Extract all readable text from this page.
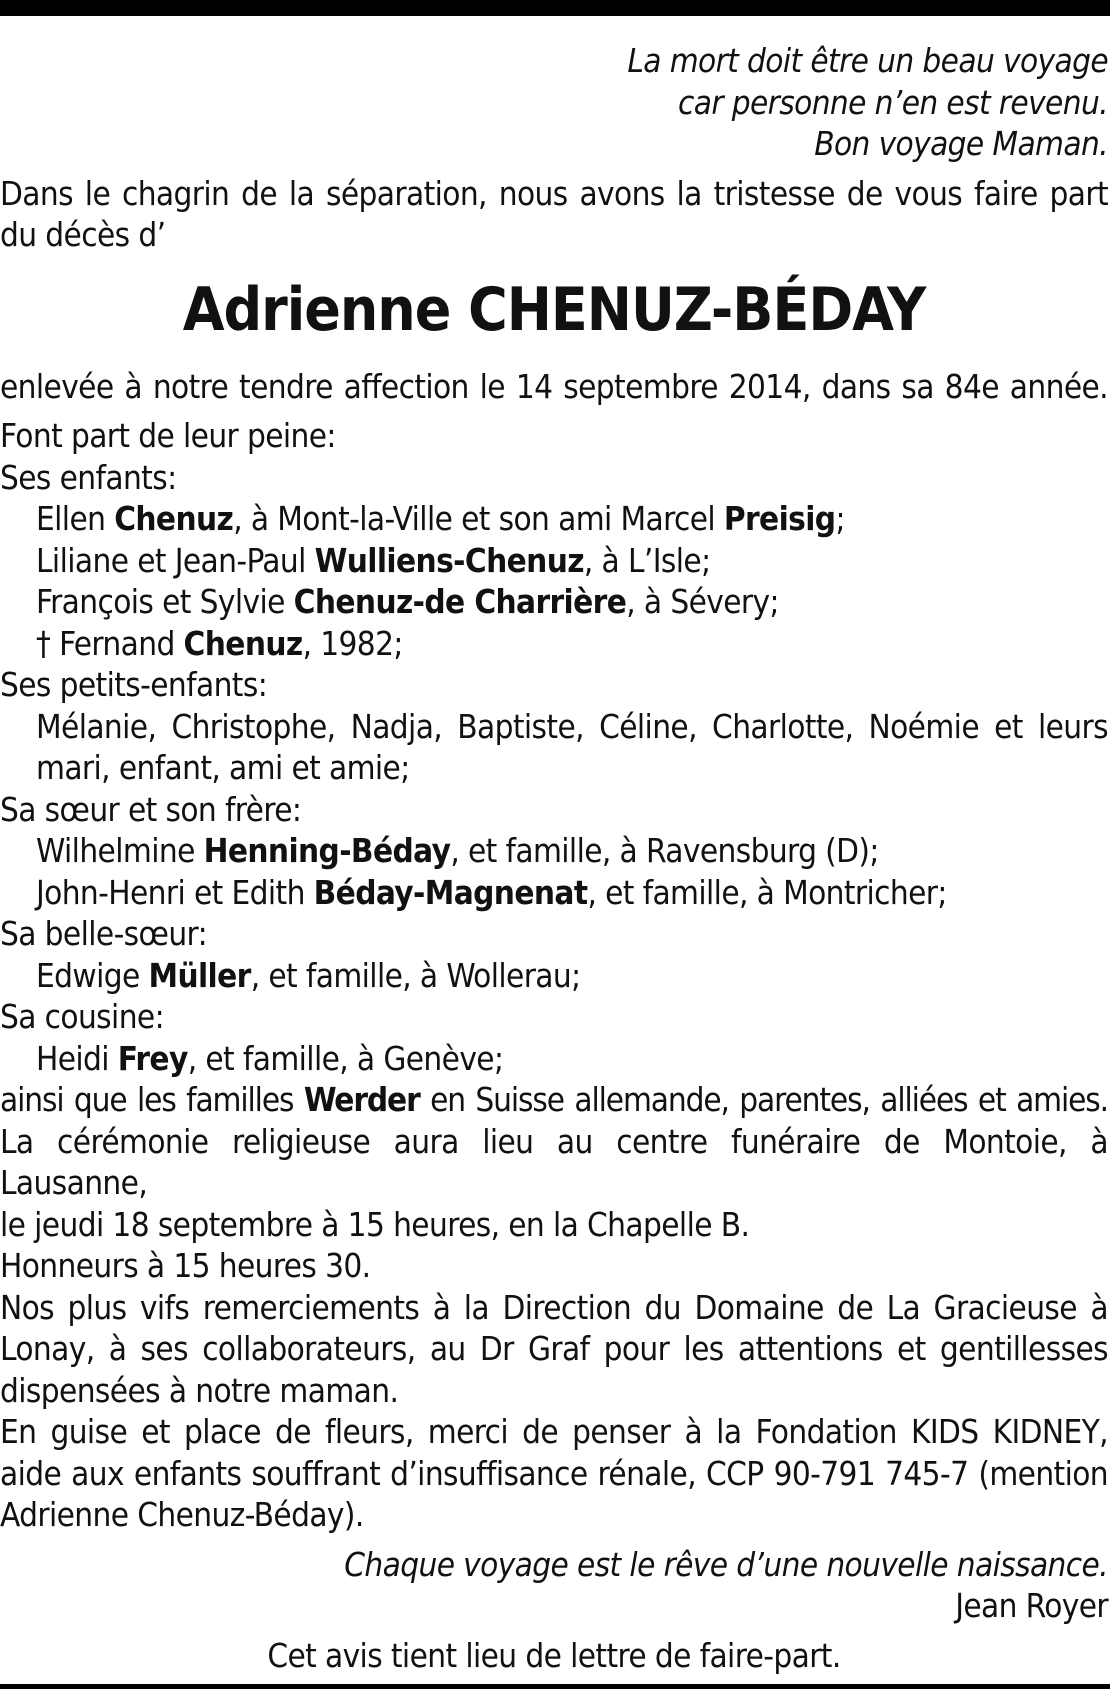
La mort doit être un beau voyage
car personne n’en est revenu.
Bon voyage Maman.
Dans le chagrin de la séparation, nous avons la tristesse de vous faire part
du décès d’
Adrienne CHENUZ-BÉDAY
enlevée à notre tendre affection le 14 septembre 2014, dans sa 84e année.
Font part de leur peine:
Ses enfants:
Ellen Chenuz, à Mont-la-Ville et son ami Marcel Preisig;
Liliane et Jean-Paul Wulliens-Chenuz, à L’Isle;
François et Sylvie Chenuz-de Charrière, à Sévery;
† Fernand Chenuz, 1982;
Ses petits-enfants:
Mélanie, Christophe, Nadja, Baptiste, Céline, Charlotte, Noémie et leurs
mari, enfant, ami et amie;
Sa sœur et son frère:
Wilhelmine Henning-Béday, et famille, à Ravensburg (D);
John-Henri et Edith Béday-Magnenat, et famille, à Montricher;
Sa belle-sœur:
Edwige Müller, et famille, à Wollerau;
Sa cousine:
Heidi Frey, et famille, à Genève;
ainsi que les familles Werder en Suisse allemande, parentes, alliées et amies.
La cérémonie religieuse aura lieu au centre funéraire de Montoie, à Lausanne,
le jeudi 18 septembre à 15 heures, en la Chapelle B.
Honneurs à 15 heures 30.
Nos plus vifs remerciements à la Direction du Domaine de La Gracieuse à
Lonay, à ses collaborateurs, au Dr Graf pour les attentions et gentillesses
dispensées à notre maman.
En guise et place de fleurs, merci de penser à la Fondation KIDS KIDNEY,
aide aux enfants souffrant d’insuffisance rénale, CCP 90-791 745-7 (mention
Adrienne Chenuz-Béday).
Chaque voyage est le rêve d’une nouvelle naissance.
Jean Royer
Cet avis tient lieu de lettre de faire-part.
